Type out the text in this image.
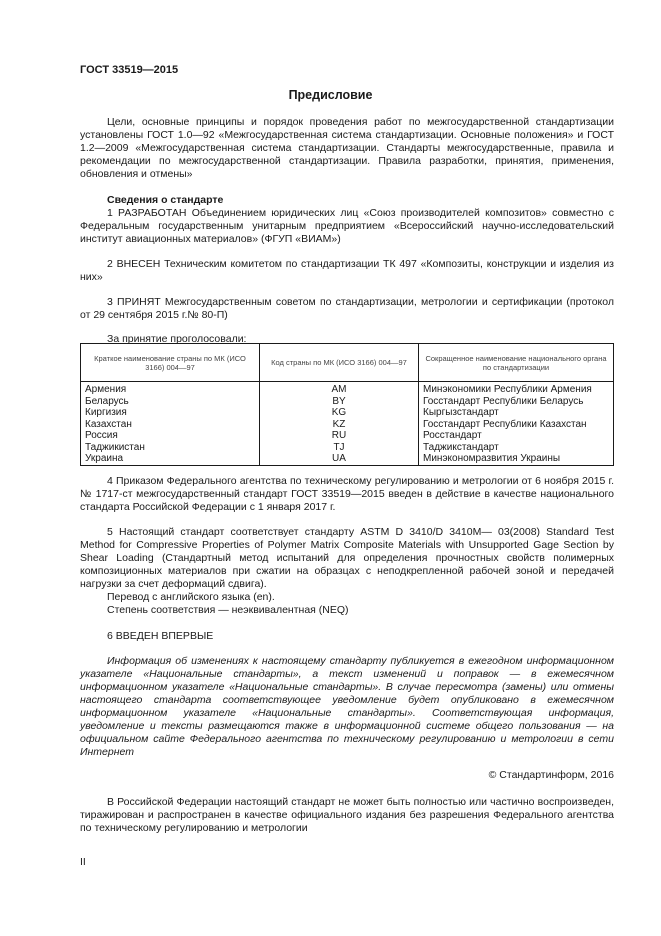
ГОСТ 33519—2015
Предисловие

Цели, основные принципы и порядок проведения работ по межгосударственной стандартизации установлены ГОСТ 1.0—92 «Межгосударственная система стандартизации. Основные положения» и ГОСТ 1.2—2009 «Межгосударственная система стандартизации. Стандарты межгосударственные, правила и рекомендации по межгосударственной стандартизации. Правила разработки, принятия, применения, обновления и отмены»

Сведения о стандарте

1 РАЗРАБОТАН Объединением юридических лиц «Союз производителей композитов» совместно с Федеральным государственным унитарным предприятием «Всероссийский научно-исследовательский институт авиационных материалов» (ФГУП «ВИАМ»)

2 ВНЕСЕН Техническим комитетом по стандартизации ТК 497 «Композиты, конструкции и изделия из них»

3 ПРИНЯТ Межгосударственным советом по стандартизации, метрологии и сертификации (протокол от 29 сентября 2015 г.№ 80-П)

За принятие проголосовали:

Краткое наименование страны по МК (ИСО 3166) 004—97	Код страны по МК (ИСО 3166) 004—97	Сокращенное наименование национального органа по стандартизации
Армения	AM	Минэкономики Республики Армения
Беларусь	BY	Госстандарт Республики Беларусь
Киргизия	KG	Кыргызстандарт
Казахстан	KZ	Госстандарт Республики Казахстан
Россия	RU	Росстандарт
Таджикистан	TJ	Таджикстандарт
Украина	UA	Минэкономразвития Украины

4 Приказом Федерального агентства по техническому регулированию и метрологии от 6 ноября 2015 г. № 1717-ст межгосударственный стандарт ГОСТ 33519—2015 введен в действие в качестве национального стандарта Российской Федерации с 1 января 2017 г.

5 Настоящий стандарт соответствует стандарту ASTM D 3410/D 3410M— 03(2008) Standard Test Method for Compressive Properties of Polymer Matrix Composite Materials with Unsupported Gage Section by Shear Loading (Стандартный метод испытаний для определения прочностных свойств полимерных композиционных материалов при сжатии на образцах с неподкрепленной рабочей зоной и передачей нагрузки за счет деформаций сдвига).

Перевод с английского языка (en).

Степень соответствия — неэквивалентная (NEQ)

6 ВВЕДЕН ВПЕРВЫЕ

Информация об изменениях к настоящему стандарту публикуется в ежегодном информационном указателе «Национальные стандарты», а текст изменений и поправок — в ежемесячном информационном указателе «Национальные стандарты». В случае пересмотра (замены) или отмены настоящего стандарта соответствующее уведомление будет опубликовано в ежемесячном информационном указателе «Национальные стандарты». Соответствующая информация, уведомление и тексты размещаются также в информационной системе общего пользования — на официальном сайте Федерального агентства по техническому регулированию и метрологии в сети Интернет

© Стандартинформ, 2016

В Российской Федерации настоящий стандарт не может быть полностью или частично воспроизведен, тиражирован и распространен в качестве официального издания без разрешения Федерального агентства по техническому регулированию и метрологии

II
